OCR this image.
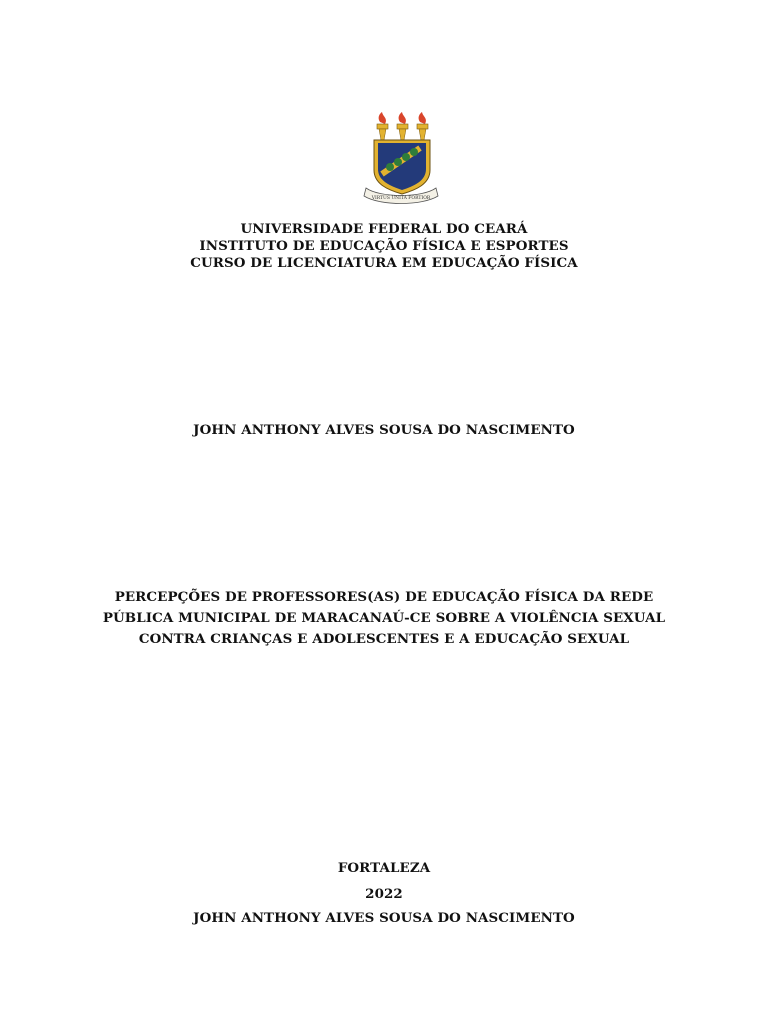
VIRTUS UNITA FORTIOR
UNIVERSIDADE FEDERAL DO CEARÁ
INSTITUTO DE EDUCAÇÃO FÍSICA E ESPORTES
CURSO DE LICENCIATURA EM EDUCAÇÃO FÍSICA
JOHN ANTHONY ALVES SOUSA DO NASCIMENTO
PERCEPÇÕES DE PROFESSORES(AS) DE EDUCAÇÃO FÍSICA DA REDE
PÚBLICA MUNICIPAL DE MARACANAÚ-CE SOBRE A VIOLÊNCIA SEXUAL
CONTRA CRIANÇAS E ADOLESCENTES E A EDUCAÇÃO SEXUAL
FORTALEZA
2022
JOHN ANTHONY ALVES SOUSA DO NASCIMENTO
